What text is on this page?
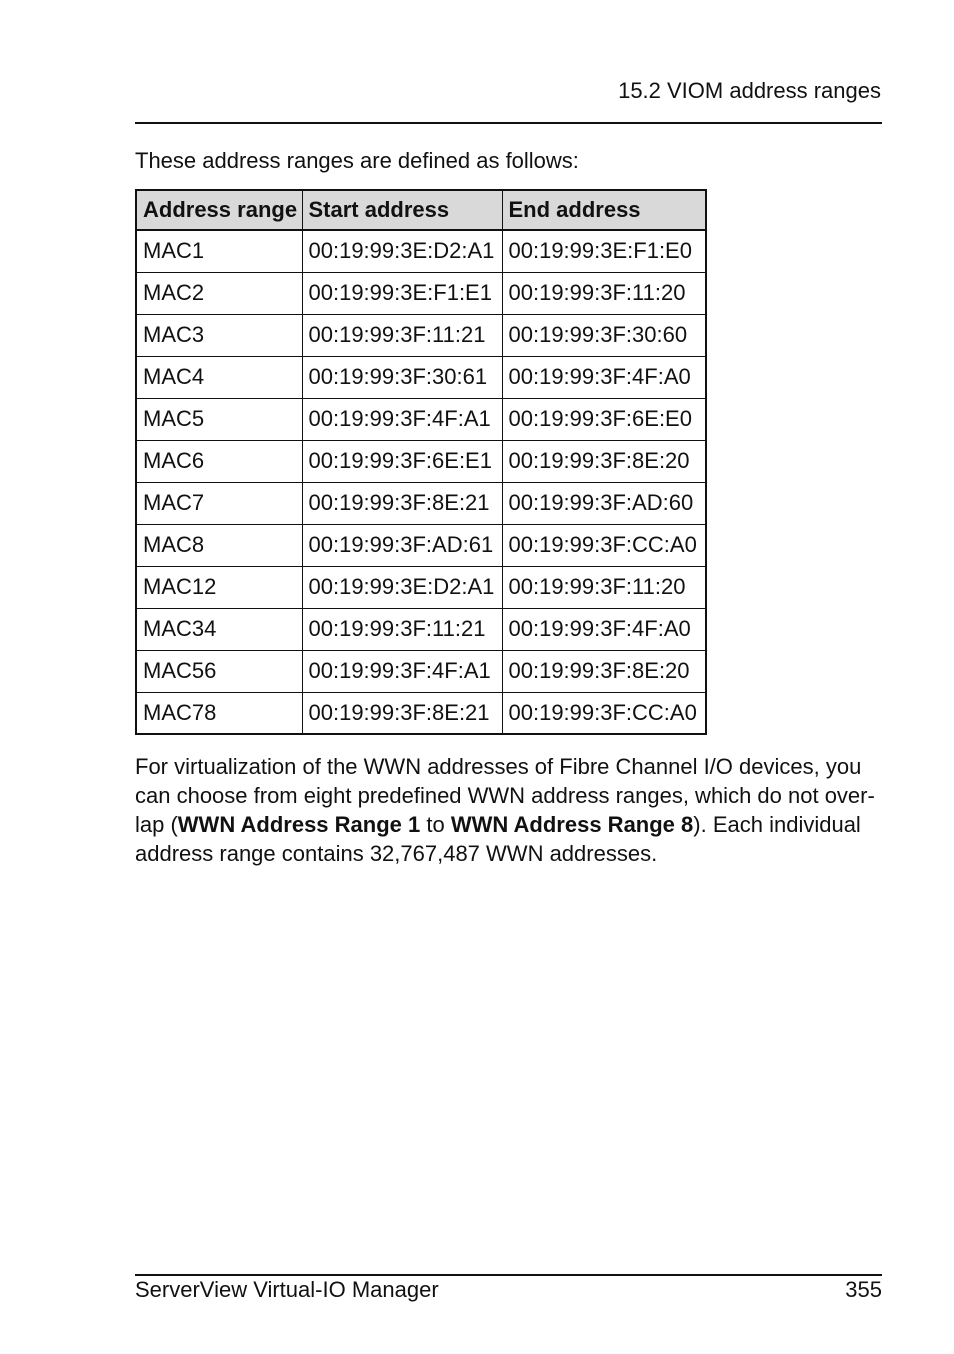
15.2 VIOM address ranges
These address ranges are defined as follows:
Address range	Start address	End address
MAC1	00:19:99:3E:D2:A1	00:19:99:3E:F1:E0
MAC2	00:19:99:3E:F1:E1	00:19:99:3F:11:20
MAC3	00:19:99:3F:11:21	00:19:99:3F:30:60
MAC4	00:19:99:3F:30:61	00:19:99:3F:4F:A0
MAC5	00:19:99:3F:4F:A1	00:19:99:3F:6E:E0
MAC6	00:19:99:3F:6E:E1	00:19:99:3F:8E:20
MAC7	00:19:99:3F:8E:21	00:19:99:3F:AD:60
MAC8	00:19:99:3F:AD:61	00:19:99:3F:CC:A0
MAC12	00:19:99:3E:D2:A1	00:19:99:3F:11:20
MAC34	00:19:99:3F:11:21	00:19:99:3F:4F:A0
MAC56	00:19:99:3F:4F:A1	00:19:99:3F:8E:20
MAC78	00:19:99:3F:8E:21	00:19:99:3F:CC:A0
For virtualization of the WWN addresses of Fibre Channel I/O devices, you
can choose from eight predefined WWN address ranges, which do not over-
lap (WWN Address Range 1 to WWN Address Range 8). Each individual
address range contains 32,767,487 WWN addresses.
ServerView Virtual-IO Manager	355
